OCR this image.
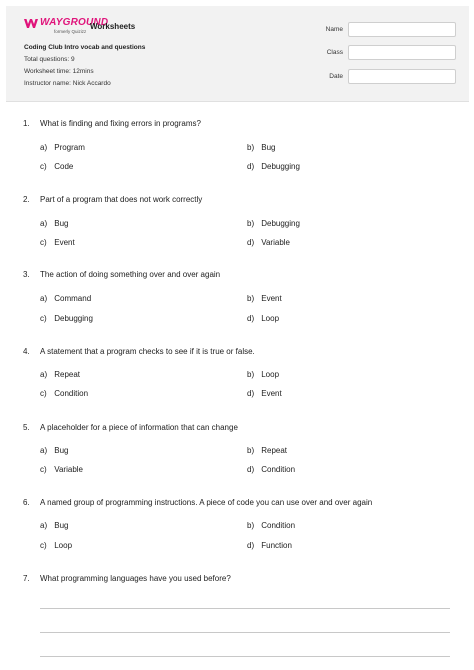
WAYGROUND
formerly Quizizz
Worksheets
Coding Club Intro vocab and questions
Total questions: 9
Worksheet time: 12mins
Instructor name: Nick Accardo
Name
Class
Date
1. What is finding and fixing errors in programs?
a) Program	b) Bug
c) Code	d) Debugging
2. Part of a program that does not work correctly
a) Bug	b) Debugging
c) Event	d) Variable
3. The action of doing something over and over again
a) Command	b) Event
c) Debugging	d) Loop
4. A statement that a program checks to see if it is true or false.
a) Repeat	b) Loop
c) Condition	d) Event
5. A placeholder for a piece of information that can change
a) Bug	b) Repeat
c) Variable	d) Condition
6. A named group of programming instructions. A piece of code you can use over and over again
a) Bug	b) Condition
c) Loop	d) Function
7. What programming languages have you used before?
